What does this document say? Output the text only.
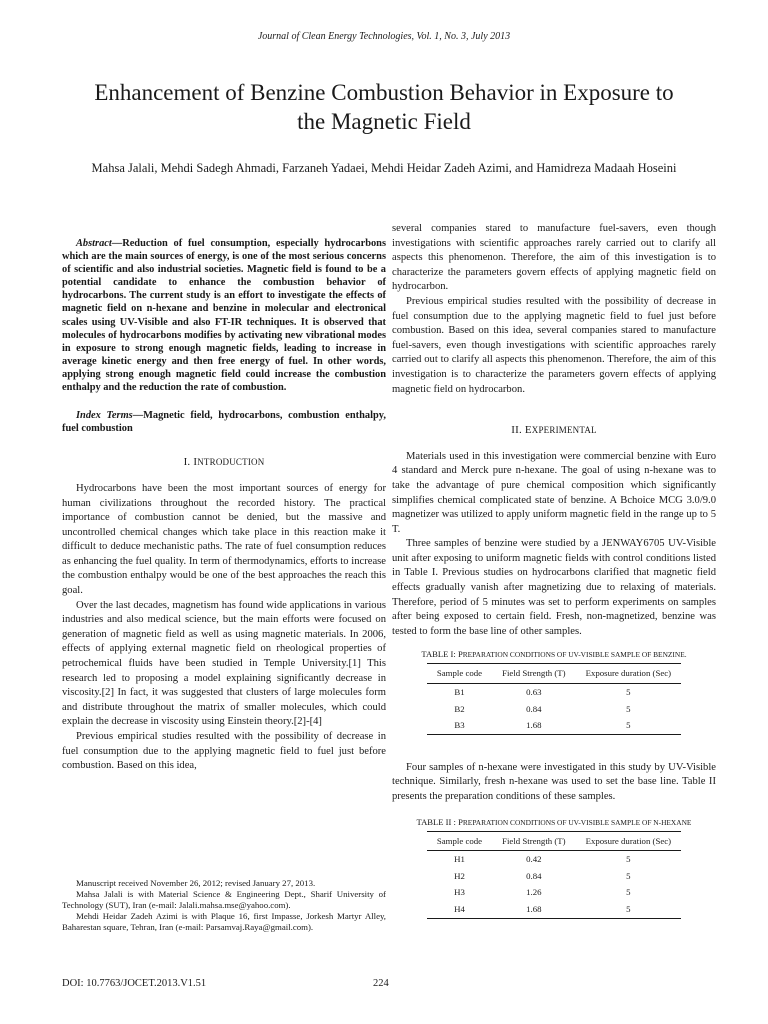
Journal of Clean Energy Technologies, Vol. 1, No. 3, July 2013
Enhancement of Benzine Combustion Behavior in Exposure to the Magnetic Field
Mahsa Jalali, Mehdi Sadegh Ahmadi, Farzaneh Yadaei, Mehdi Heidar Zadeh Azimi, and Hamidreza Madaah Hoseini

Abstract—Reduction of fuel consumption, especially hydrocarbons which are the main sources of energy, is one of the most serious concerns of scientific and also industrial societies. Magnetic field is found to be a potential candidate to enhance the combustion behavior of hydrocarbons. The current study is an effort to investigate the effects of magnetic field on n-hexane and benzine in molecular and electronical scales using UV-Visible and also FT-IR techniques. It is observed that molecules of hydrocarbons modifies by activating new vibrational modes in exposure to strong enough magnetic fields, leading to increase in average kinetic energy and then free energy of fuel. In other words, applying strong enough magnetic field could increase the combustion enthalpy and the reduction the rate of combustion.

Index Terms—Magnetic field, hydrocarbons, combustion enthalpy, fuel combustion

I. INTRODUCTION

Hydrocarbons have been the most important sources of energy for human civilizations throughout the recorded history. The practical importance of combustion cannot be denied, but the massive and uncontrolled chemical changes which take place in this reaction make it difficult to deduce mechanistic paths. The rate of fuel consumption reduces as enhancing the fuel quality. In term of thermodynamics, efforts to increase the combustion enthalpy would be one of the best approaches the reach this goal.

Over the last decades, magnetism has found wide applications in various industries and also medical science, but the main efforts were focused on generation of magnetic field as well as using magnetic materials. In 2006, effects of applying external magnetic field on rheological properties of petrochemical fluids have been studied in Temple University.[1] This research led to proposing a model explaining significantly decrease in viscosity.[2] In fact, it was suggested that clusters of large molecules form and distribute throughout the matrix of smaller molecules, which could explain the decrease in viscosity using Einstein theory.[2]-[4]

Previous empirical studies resulted with the possibility of decrease in fuel consumption due to the applying magnetic field to fuel just before combustion. Based on this idea,

Manuscript received November 26, 2012; revised January 27, 2013.

Mahsa Jalali is with Material Science & Engineering Dept., Sharif University of Technology (SUT), Iran (e-mail: Jalali.mahsa.mse@yahoo.com).

Mehdi Heidar Zadeh Azimi is with Plaque 16, first Impasse, Jorkesh Martyr Alley, Baharestan square, Tehran, Iran (e-mail: Parsamvaj.Raya@gmail.com).

several companies stared to manufacture fuel-savers, even though investigations with scientific approaches rarely carried out to clarify all aspects this phenomenon. Therefore, the aim of this investigation is to characterize the parameters govern effects of applying magnetic field on hydrocarbon.

Previous empirical studies resulted with the possibility of decrease in fuel consumption due to the applying magnetic field to fuel just before combustion. Based on this idea, several companies stared to manufacture fuel-savers, even though investigations with scientific approaches rarely carried out to clarify all aspects this phenomenon. Therefore, the aim of this investigation is to characterize the parameters govern effects of applying magnetic field on hydrocarbon.

II. EXPERIMENTAL

Materials used in this investigation were commercial benzine with Euro 4 standard and Merck pure n-hexane. The goal of using n-hexane was to take the advantage of pure chemical composition which significantly simplifies chemical complicated state of benzine. A Bchoice MCG 3.0/9.0 magnetizer was utilized to apply uniform magnetic field in the range up to 5 T.

Three samples of benzine were studied by a JENWAY6705 UV-Visible unit after exposing to uniform magnetic fields with control conditions listed in Table I. Previous studies on hydrocarbons clarified that magnetic field effects gradually vanish after magnetizing due to relaxing of materials. Therefore, period of 5 minutes was set to perform experiments on samples after being exposed to certain field. Fresh, non-magnetized, benzine was tested to form the base line of other samples.

TABLE I: PREPARATION CONDITIONS OF UV-VISIBLE SAMPLE OF BENZINE.

Sample code	Field Strength (T)	Exposure duration (Sec)
B1	0.63	5
B2	0.84	5
B3	1.68	5

Four samples of n-hexane were investigated in this study by UV-Visible technique. Similarly, fresh n-hexane was used to set the base line. Table II presents the preparation conditions of these samples.

TABLE II : PREPARATION CONDITIONS OF UV-VISIBLE SAMPLE OF N-HEXANE

Sample code	Field Strength (T)	Exposure duration (Sec)
H1	0.42	5
H2	0.84	5
H3	1.26	5
H4	1.68	5
DOI: 10.7763/JOCET.2013.V1.51	224
